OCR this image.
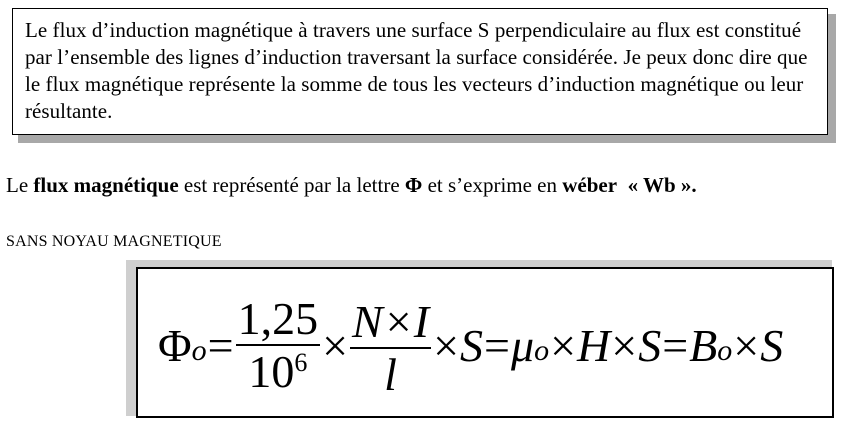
Le flux d’induction magnétique à travers une surface S perpendiculaire au flux est constitué par l’ensemble des lignes d’induction traversant la surface considérée. Je peux donc dire que le flux magnétique représente la somme de tous les vecteurs d’induction magnétique ou leur résultante.

Le flux magnétique est représenté par la lettre Φ et s’exprime en wéber « Wb ».
SANS NOYAU MAGNETIQUE
Φ $o = \frac{1,25}{10^6} \times \frac{N\times I}{l} \times S = \mu$ o × H × S = B o × S
